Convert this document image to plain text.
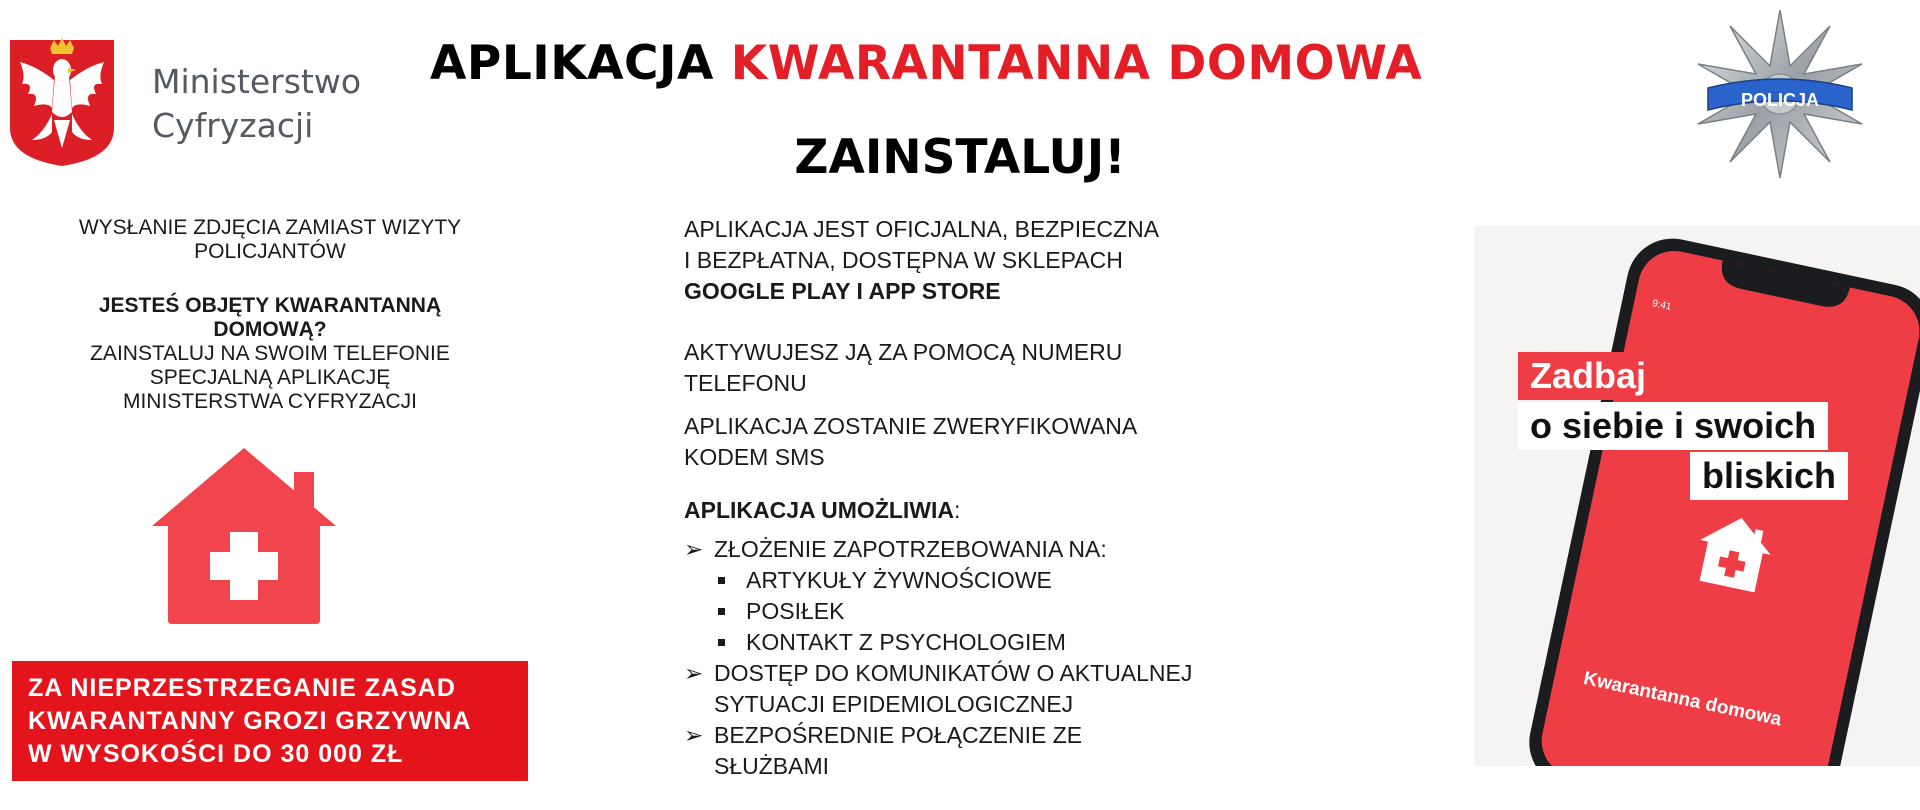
Ministerstwo
Cyfryzacji
APLIKACJA KWARANTANNA DOMOWA
ZAINSTALUJ!
POLICJA

WYSŁANIE ZDJĘCIA ZAMIAST WIZYTY

POLICJANTÓW

JESTEŚ OBJĘTY KWARANTANNĄ

DOMOWĄ?

ZAINSTALUJ NA SWOIM TELEFONIE

SPECJALNĄ APLIKACJĘ

MINISTERSTWA CYFRYZACJI

ZA NIEPRZESTRZEGANIE ZASAD
KWARANTANNY GROZI GRZYWNA
W WYSOKOŚCI DO 30 000 ZŁ

APLIKACJA JEST OFICJALNA, BEZPIECZNA

I BEZPŁATNA, DOSTĘPNA W SKLEPACH

GOOGLE PLAY I APP STORE

AKTYWUJESZ JĄ ZA POMOCĄ NUMERU

TELEFONU

APLIKACJA ZOSTANIE ZWERYFIKOWANA

KODEM SMS

APLIKACJA UMOŻLIWIA:

➢ ZŁOŻENIE ZAPOTRZEBOWANIA NA:
ARTYKUŁY ŻYWNOŚCIOWE
POSIŁEK
KONTAKT Z PSYCHOLOGIEM
➢ DOSTĘP DO KOMUNIKATÓW O AKTUALNEJ
SYTUACJI EPIDEMIOLOGICZNEJ
➢ BEZPOŚREDNIE POŁĄCZENIE ZE
SŁUŻBAMI
9:41
Zadbaj
o siebie i swoich
bliskich
Kwarantanna domowa
